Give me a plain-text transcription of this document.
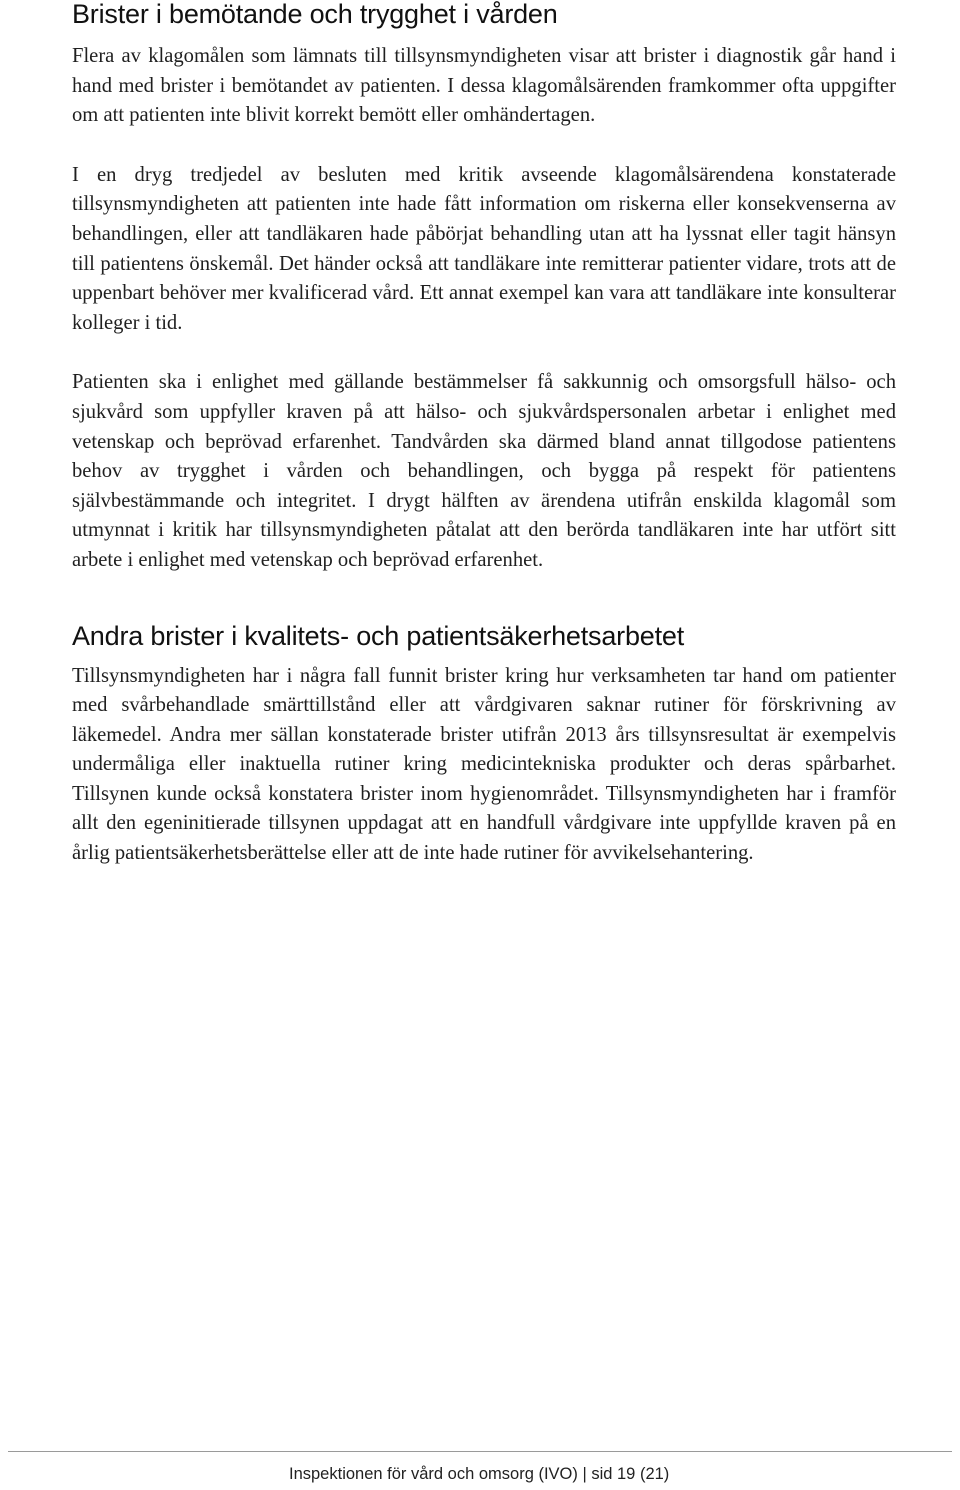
Brister i bemötande och trygghet i vården

Flera av klagomålen som lämnats till tillsynsmyndigheten visar att brister i diagnostik går hand i hand med brister i bemötandet av patienten. I dessa klagomålsärenden framkommer ofta uppgifter om att patienten inte blivit korrekt bemött eller omhändertagen.

I en dryg tredjedel av besluten med kritik avseende klagomålsärendena konstaterade tillsynsmyndigheten att patienten inte hade fått information om riskerna eller konsekvenserna av behandlingen, eller att tandläkaren hade påbörjat behandling utan att ha lyssnat eller tagit hänsyn till patientens önskemål. Det händer också att tandläkare inte remitterar patienter vidare, trots att de uppenbart behöver mer kvalificerad vård. Ett annat exempel kan vara att tandläkare inte konsulterar kolleger i tid.

Patienten ska i enlighet med gällande bestämmelser få sakkunnig och omsorgsfull hälso- och sjukvård som uppfyller kraven på att hälso- och sjukvårdspersonalen arbetar i enlighet med vetenskap och beprövad erfarenhet. Tandvården ska därmed bland annat tillgodose patientens behov av trygghet i vården och behandlingen, och bygga på respekt för patientens självbestämmande och integritet. I drygt hälften av ärendena utifrån enskilda klagomål som utmynnat i kritik har tillsynsmyndigheten påtalat att den berörda tandläkaren inte har utfört sitt arbete i enlighet med vetenskap och beprövad erfarenhet.

Andra brister i kvalitets- och patientsäkerhetsarbetet

Tillsynsmyndigheten har i några fall funnit brister kring hur verksamheten tar hand om patienter med svårbehandlade smärttillstånd eller att vårdgivaren saknar rutiner för förskrivning av läkemedel. Andra mer sällan konstaterade brister utifrån 2013 års tillsynsresultat är exempelvis undermåliga eller inaktuella rutiner kring medicintekniska produkter och deras spårbarhet. Tillsynen kunde också konstatera brister inom hygienområdet. Tillsynsmyndigheten har i framför allt den egeninitierade tillsynen uppdagat att en handfull vårdgivare inte uppfyllde kraven på en årlig patientsäkerhetsberättelse eller att de inte hade rutiner för avvikelsehantering.

Inspektionen för vård och omsorg (IVO) | sid 19 (21)
